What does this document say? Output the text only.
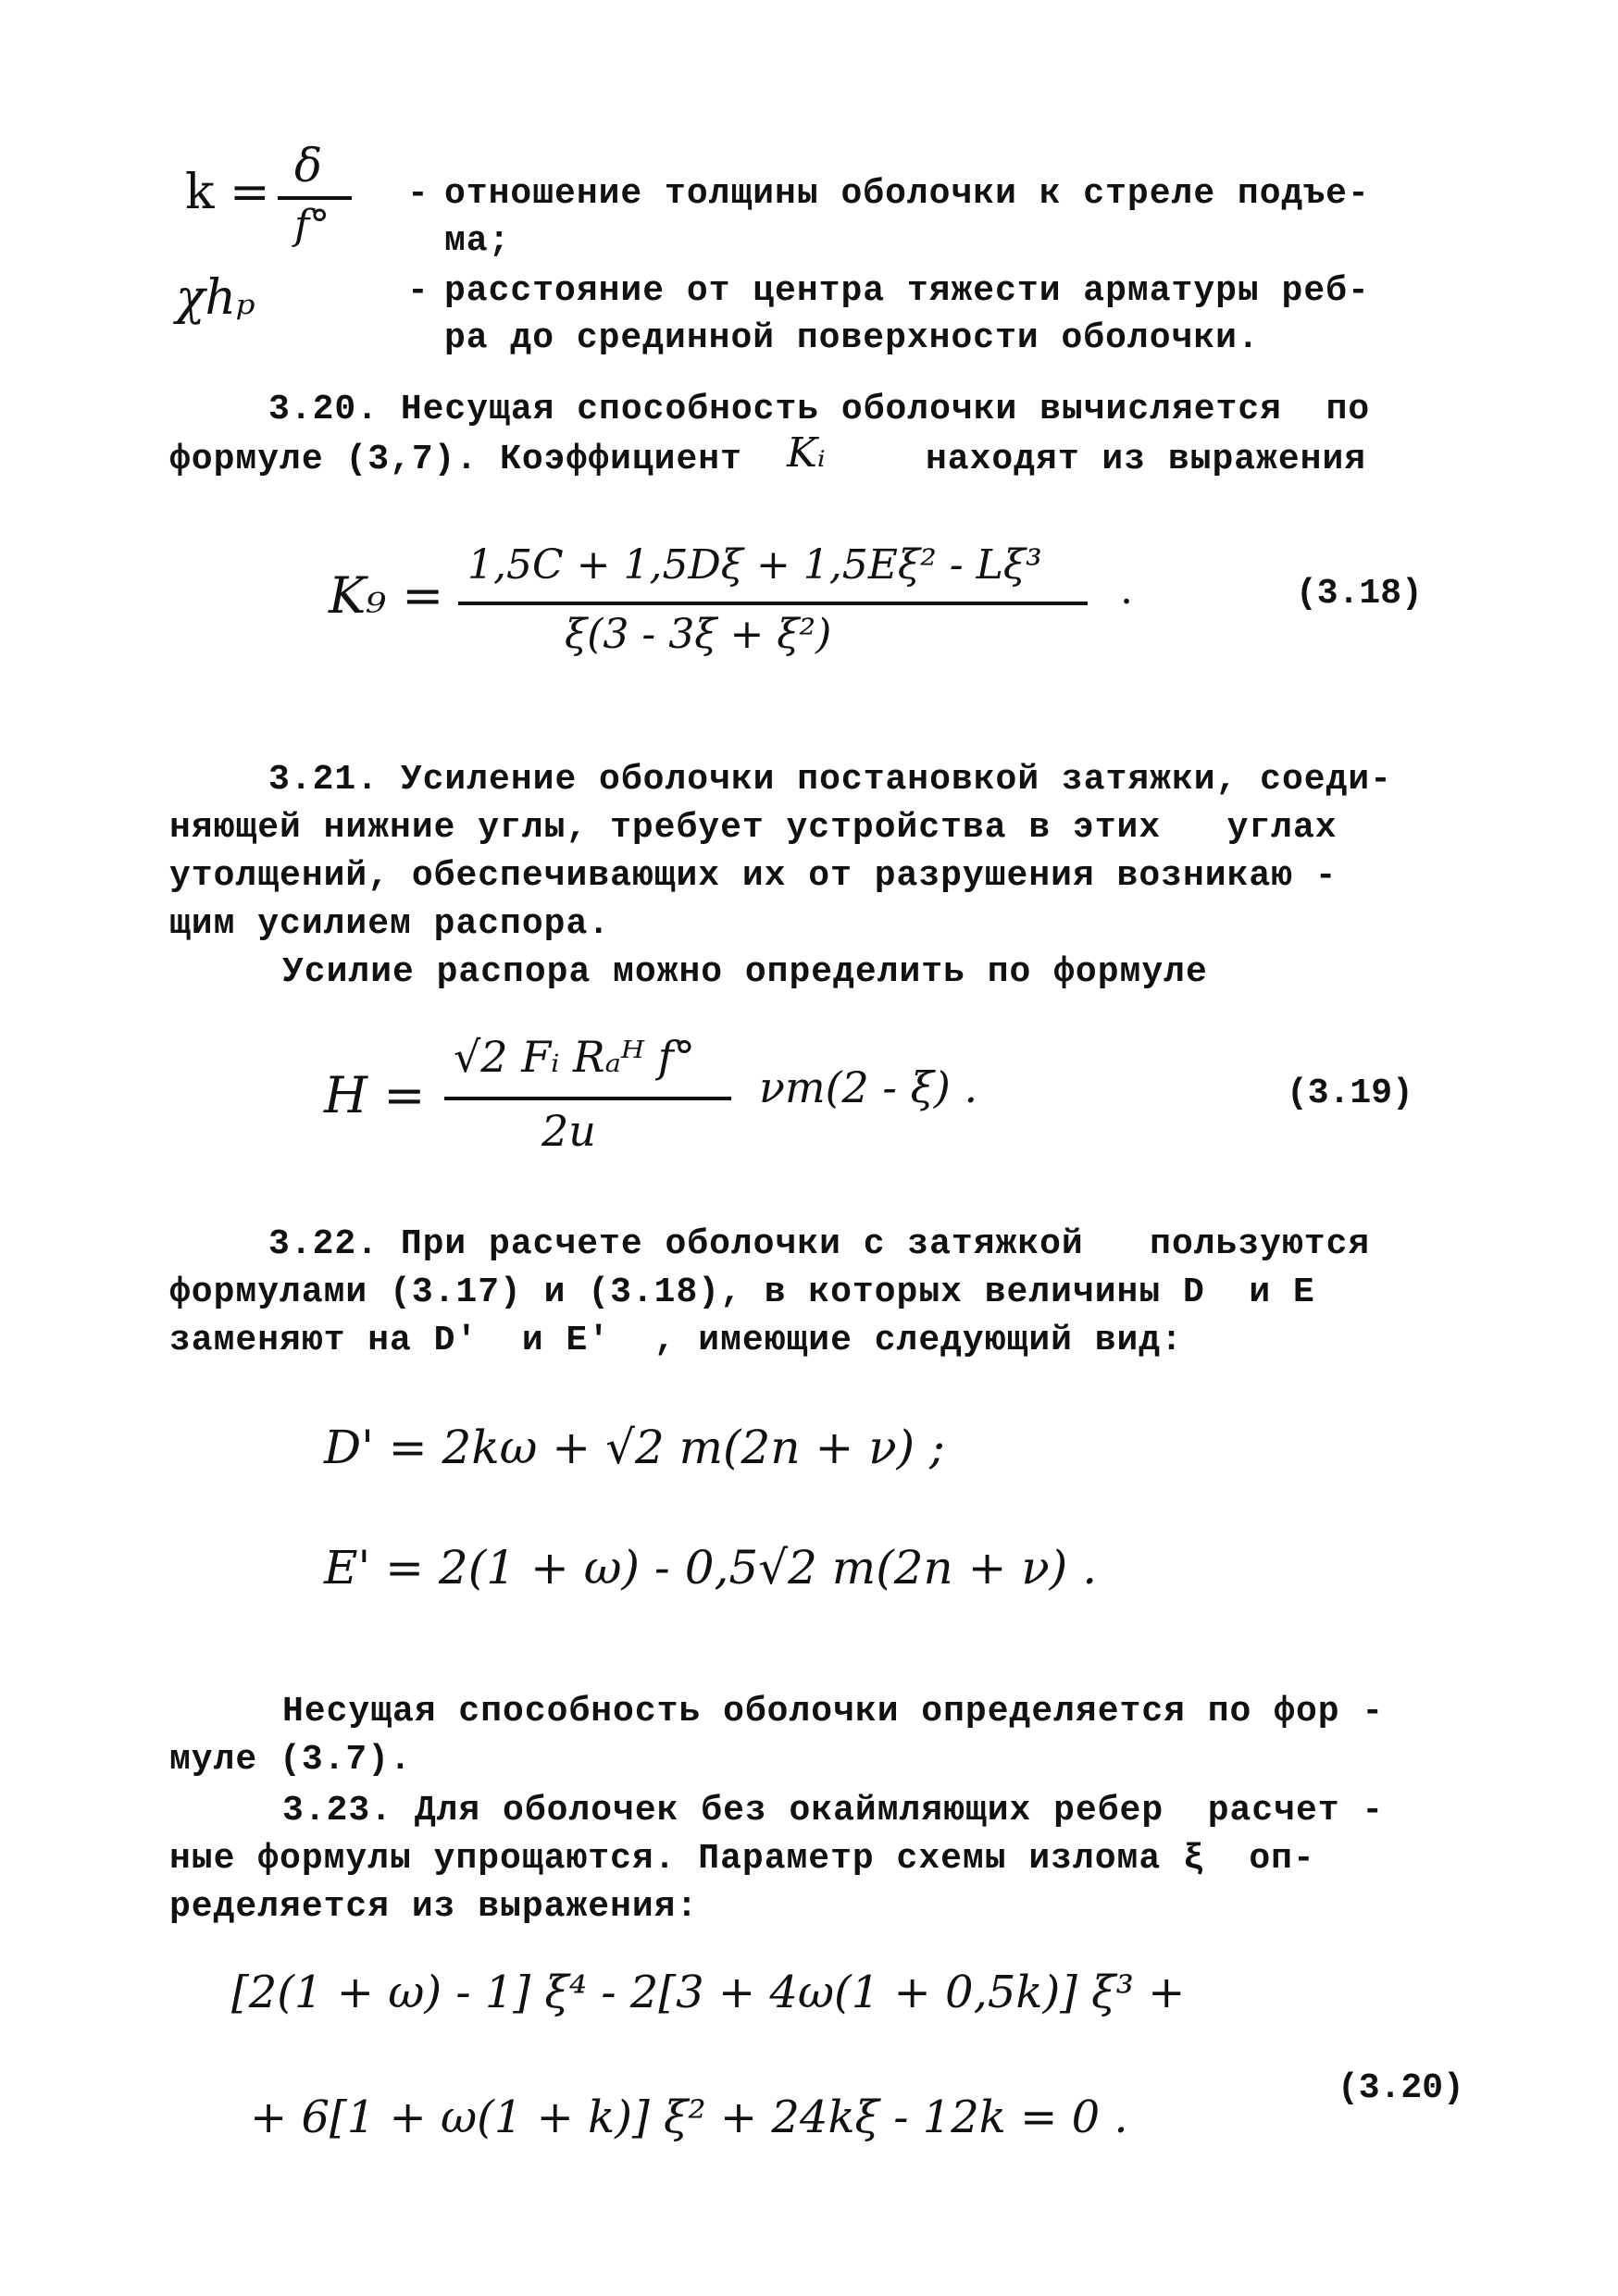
k = δ
f°
- отношение толщины оболочки к стреле подъе-
ма;
χhₚ	- расстояние от центра тяжести арматуры реб-
ра до срединной поверхности оболочки.
3.20. Несущая способность оболочки вычисляется  по
формуле (3,7). Коэффициент Kᵢ	находят из выражения
K₉ =
1,5C + 1,5Dξ + 1,5Eξ² - Lξ³
ξ(3 - 3ξ + ξ²)
.	(3.18)
3.21. Усиление оболочки постановкой затяжки, соеди-
няющей нижние углы, требует устройства в этих   углах
утолщений, обеспечивающих их от разрушения возникаю -
щим усилием распора.
Усилие распора можно определить по формуле
H =
√2 Fᵢ Rₐᴴ f°
2u
νm(2 - ξ) .	(3.19)
3.22. При расчете оболочки с затяжкой   пользуются
формулами (3.17) и (3.18), в которых величины D  и E
заменяют на D'  и E'  , имеющие следующий вид:
D' = 2kω + √2 m(2n + ν) ;
E' = 2(1 + ω) - 0,5√2 m(2n + ν) .
Несущая способность оболочки определяется по фор -
муле (3.7).
3.23. Для оболочек без окаймляющих ребер  расчет -
ные формулы упрощаются. Параметр схемы излома ξ  оп-
ределяется из выражения:
[2(1 + ω) - 1] ξ⁴ - 2[3 + 4ω(1 + 0,5k)] ξ³ +
+ 6[1 + ω(1 + k)] ξ² + 24kξ - 12k = 0 .
(3.20)
